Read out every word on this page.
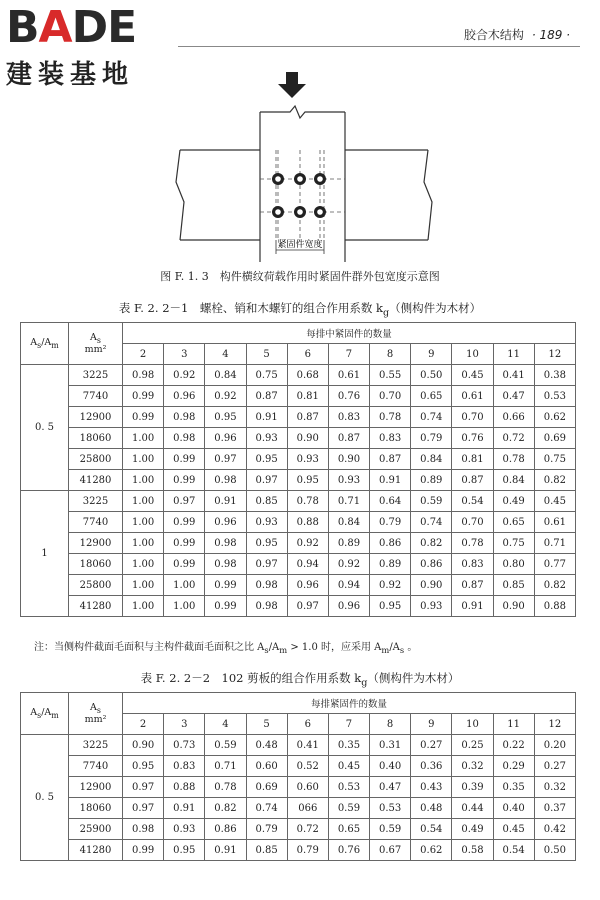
BADE
建装基地
胶合木结构 · 189 ·
紧固件宽度
图 F. 1. 3　构件横纹荷载作用时紧固件群外包宽度示意图
表 F. 2. 2－1　螺栓、销和木螺钉的组合作用系数 $k_g$（侧构件为木材）
$A_s/A_m$	$A_s$
mm²	每排中紧固件的数量										
		2	3	4	5	6	7	8	9	10	11	12
0. 5	3225	0.98	0.92	0.84	0.75	0.68	0.61	0.55	0.50	0.45	0.41	0.38
	7740	0.99	0.96	0.92	0.87	0.81	0.76	0.70	0.65	0.61	0.47	0.53
	12900	0.99	0.98	0.95	0.91	0.87	0.83	0.78	0.74	0.70	0.66	0.62
	18060	1.00	0.98	0.96	0.93	0.90	0.87	0.83	0.79	0.76	0.72	0.69
	25800	1.00	0.99	0.97	0.95	0.93	0.90	0.87	0.84	0.81	0.78	0.75
	41280	1.00	0.99	0.98	0.97	0.95	0.93	0.91	0.89	0.87	0.84	0.82
1	3225	1.00	0.97	0.91	0.85	0.78	0.71	0.64	0.59	0.54	0.49	0.45
	7740	1.00	0.99	0.96	0.93	0.88	0.84	0.79	0.74	0.70	0.65	0.61
	12900	1.00	0.99	0.98	0.95	0.92	0.89	0.86	0.82	0.78	0.75	0.71
	18060	1.00	0.99	0.98	0.97	0.94	0.92	0.89	0.86	0.83	0.80	0.77
	25800	1.00	1.00	0.99	0.98	0.96	0.94	0.92	0.90	0.87	0.85	0.82
	41280	1.00	1.00	0.99	0.98	0.97	0.96	0.95	0.93	0.91	0.90	0.88
注：当侧构件截面毛面积与主构件截面毛面积之比 $A_s/A_m > 1.0$ 时，应采用 $A_m/A_s$ 。
表 F. 2. 2－2　102 剪板的组合作用系数 $k_g$（侧构件为木材）
$A_s/A_m$	$A_s$
mm²	每排紧固件的数量										
		2	3	4	5	6	7	8	9	10	11	12
0. 5	3225	0.90	0.73	0.59	0.48	0.41	0.35	0.31	0.27	0.25	0.22	0.20
	7740	0.95	0.83	0.71	0.60	0.52	0.45	0.40	0.36	0.32	0.29	0.27
	12900	0.97	0.88	0.78	0.69	0.60	0.53	0.47	0.43	0.39	0.35	0.32
	18060	0.97	0.91	0.82	0.74	066	0.59	0.53	0.48	0.44	0.40	0.37
	25900	0.98	0.93	0.86	0.79	0.72	0.65	0.59	0.54	0.49	0.45	0.42
	41280	0.99	0.95	0.91	0.85	0.79	0.76	0.67	0.62	0.58	0.54	0.50
